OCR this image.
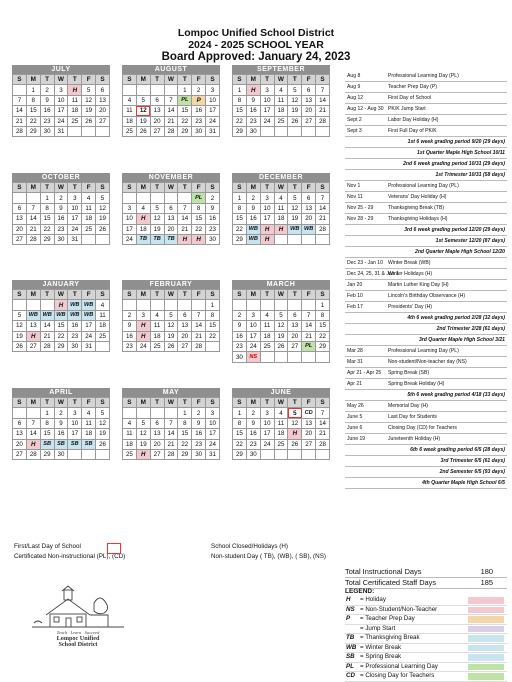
Lompoc Unified School District
2024 - 2025 SCHOOL YEAR
Board Approved: January 24, 2023
JULY
S	M	T	W	T	F	S
	1	2	3	H	5	6
7	8	9	10	11	12	13
14	15	16	17	18	19	20
21	22	23	24	25	26	27
28	29	30	31			
AUGUST
S	M	T	W	T	F	S
				1	2	3
4	5	6	7	PL	P	10
11	12	13	14	15	16	17
18	19	20	21	22	23	24
25	26	27	28	29	30	31
SEPTEMBER
S	M	T	W	T	F	S
1	H	3	4	5	6	7
8	9	10	11	12	13	14
15	16	17	18	19	20	21
22	23	24	25	26	27	28
29	30					
OCTOBER
S	M	T	W	T	F	S
		1	2	3	4	5
6	7	8	9	10	11	12
13	14	15	16	17	18	19
20	21	22	23	24	25	26
27	28	29	30	31		
NOVEMBER
S	M	T	W	T	F	S
					PL	2
3	4	5	6	7	8	9
10	H	12	13	14	15	16
17	18	19	20	21	22	23
24	TB	TB	TB	H	H	30
DECEMBER
S	M	T	W	T	F	S
1	2	3	4	5	6	7
8	9	10	11	12	13	14
15	16	17	18	19	20	21
22	WB	H	H	WB	WB	28
29	WB	H				
JANUARY
S	M	T	W	T	F	S
			H	WB	WB	4
5	WB	WB	WB	WB	WB	11
12	13	14	15	16	17	18
19	H	21	22	23	24	25
26	27	28	29	30	31	
FEBRUARY
S	M	T	W	T	F	S
						1
2	3	4	5	6	7	8
9	H	11	12	13	14	15
16	H	18	19	20	21	22
23	24	25	26	27	28	
MARCH
S	M	T	W	T	F	S
						1
2	3	4	5	6	7	8
9	10	11	12	13	14	15
16	17	18	19	20	21	22
23	24	25	26	27	PL	29
30	NS					
APRIL
S	M	T	W	T	F	S
		1	2	3	4	5
6	7	8	9	10	11	12
13	14	15	16	17	18	19
20	H	SB	SB	SB	SB	26
27	28	29	30			
MAY
S	M	T	W	T	F	S
				1	2	3
4	5	6	7	8	9	10
11	12	13	14	15	16	17
18	19	20	21	22	23	24
25	H	27	28	29	30	31
JUNE
S	M	T	W	T	F	S
1	2	3	4	5	CD	7
8	9	10	11	12	13	14
15	16	17	18	H	20	21
22	23	24	25	26	27	28
29	30					
Aug 8	Professional Learning Day (PL)
Aug 9	Teacher Prep Day (P)
Aug 12	First Day of School
Aug 12 - Aug 30 PK/K Jump Start
Sept 2	Labor Day Holiday (H)
Sept 3	First Full Day of PK/K
1st 6 week grading period 9/20 (29 days)
1st Quarter Maple High School 10/11
2nd 6 week grading period 10/31 (29 days)
1st Trimester 10/31 (58 days)
Nov 1	Professional Learning Day (PL)
Nov 11	Veterans' Day Holiday (H)
Nov 25 - 29	Thanksgiving Break (TB)
Nov 28 - 29	Thanksgiving Holidays (H)
3rd 6 week grading period 12/20 (29 days)
1st Semester 12/20 (87 days)
2nd Quarter Maple High School 12/20
Dec 23 - Jan 10 Winter Break (WB)
Dec 24, 25, 31 & Jan 1
Winter Holidays (H)
Jan 20	Martin Luther King Day (H)
Feb 10	Lincoln's Birthday Observance (H)
Feb 17	Presidents' Day (H)
4th 6 week grading period 2/28 (32 days)
2nd Trimester 2/28 (61 days)
3rd Quarter Maple High School 3/21
Mar 28	Professional Learning Day (PL)
Mar 31	Non-student/Non-teacher day (NS)
Apr 21 - Apr 25 Spring Break (SB)
Apr 21	Spring Break Holiday (H)
5th 6 week grading period 4/18 (33 days)
May 26	Memorial Day (H)
June 5	Last Day for Students
June 6	Closing Day (CD) for Teachers
June 19	Juneteenth Holiday (H)
6th 6 week grading period 6/5 (28 days)
3rd Trimester 6/5 (61 days)
2nd Semester 6/5 (93 days)
4th Quarter Maple High School 6/5
Total Instructional Days	180
Total Certificated Staff Days	185
LEGEND:
H = Holiday
NS = Non-Student/Non-Teacher
P = Teacher Prep Day
= Jump Start
TB = Thanksgiving Break
WB = Winter Break
SB = Spring Break
PL = Professional Learning Day
CD = Closing Day for Teachers
First/Last Day of School
Certificated Non-instructional (PL), (CD)
School Closed/Holidays (H)
Non-student Day ( TB), (WB), ( SB), (NS)
Teach · Learn · Succeed
Lompoc Unified
School District
